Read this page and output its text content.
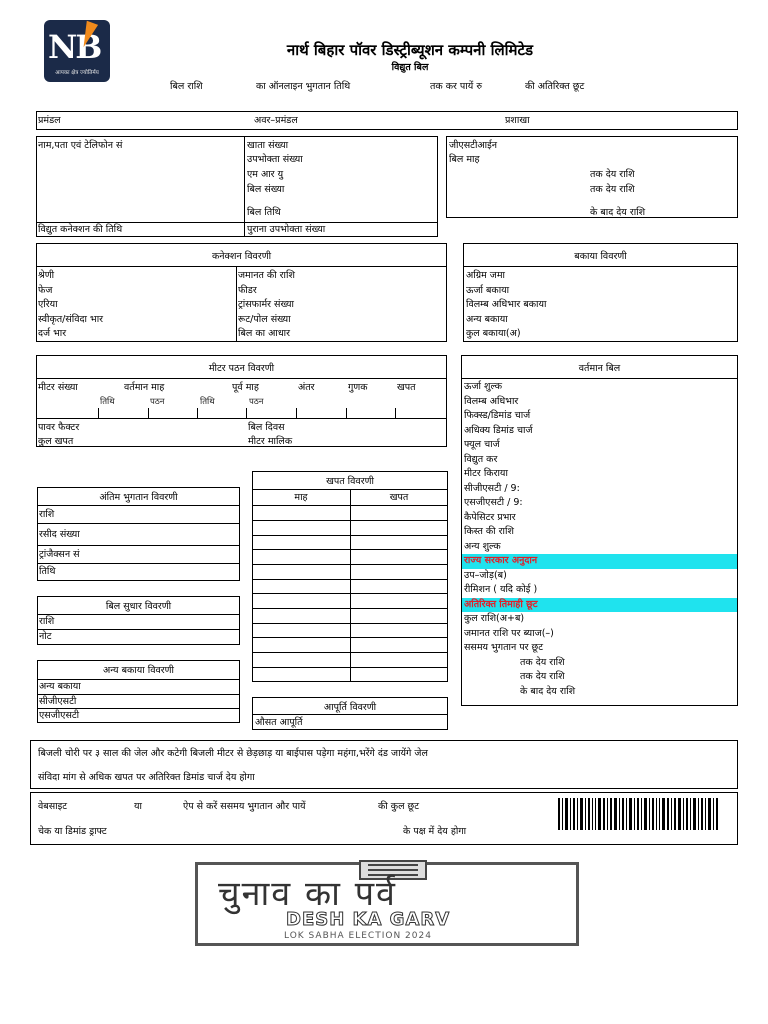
NB
आपका क्षेत्र ज्योतिर्मय
नार्थ बिहार पॉवर डिस्ट्रीब्यूशन कम्पनी लिमिटेड
विद्युत बिल
बिल राशि	का ऑनलाइन भुगतान तिथि	तक कर पायें रु	की अतिरिक्त छूट
प्रमंडल	अवर–प्रमंडल	प्रशाखा
नाम,पता एवं टेलिफोन सं
विद्युत कनेक्शन की तिथि
खाता संख्या
उपभोक्ता संख्या
एम आर यु
बिल संख्या
बिल तिथि
पुराना उपभोक्ता संख्या
जीएसटीआईन
बिल माह
तक देय राशि
तक देय राशि
के बाद देय राशि
कनेक्शन विवरणी
श्रेणी
फेज
एरिया
स्वीकृत/संविदा भार
दर्ज भार
जमानत की राशि
फीडर
ट्रांसफार्मर संख्या
रूट/पोल संख्या
बिल का आधार
बकाया विवरणी
अग्रिम जमा
ऊर्जा बकाया
विलम्ब अधिभार बकाया
अन्य बकाया
कुल बकाया(अ)
मीटर पठन विवरणी
मीटर संख्या	वर्तमान माह	पूर्व माह	अंतर	गुणक	खपत
तिथि	पठन	तिथि	पठन
पावर फैक्टर	बिल दिवस
कुल खपत	मीटर मालिक
वर्तमान बिल
ऊर्जा शुल्क
विलम्ब अधिभार
फिक्स्ड/डिमांड चार्ज
अधिक्य डिमांड चार्ज
फ्यूल चार्ज
विद्युत कर
मीटर किराया
सीजीएसटी / 9:
एसजीएसटी / 9:
कैपेसिटर प्रभार
किस्त की राशि
अन्य शुल्क
राज्य सरकार अनुदान
उप–जोड़(ब)
रीमिशन ( यदि कोई )
अतिरिक्त तिमाही छूट
कुल राशि(अ+ब)
जमानत राशि पर ब्याज(–)
ससमय भुगतान पर छूट
तक देय राशि
तक देय राशि
के बाद देय राशि
अंतिम भुगतान विवरणी
राशि
रसीद संख्या
ट्रांजैक्सन सं
तिथि
खपत विवरणी
माह	खपत
बिल सुधार विवरणी
राशि
नोट
अन्य बकाया विवरणी
अन्य बकाया
सीजीएसटी
एसजीएसटी
आपूर्ति विवरणी
औसत आपूर्ति
बिजली चोरी पर ३ साल की जेल और कटेगी बिजली मीटर से छेड़छाड़ या बाईपास पड़ेगा महंगा,भरेंगे दंड जायेंगे जेल
संविदा मांग से अधिक खपत पर अतिरिक्त डिमांड चार्ज देय होगा
वेबसाइट	या	ऐप से करें ससमय भुगतान और पायें	की कुल छूट
चेक या डिमांड ड्राफ्ट	के पक्ष में देय होगा
चुनाव का पर्व
DESH KA GARV
LOK SABHA ELECTION 2024
